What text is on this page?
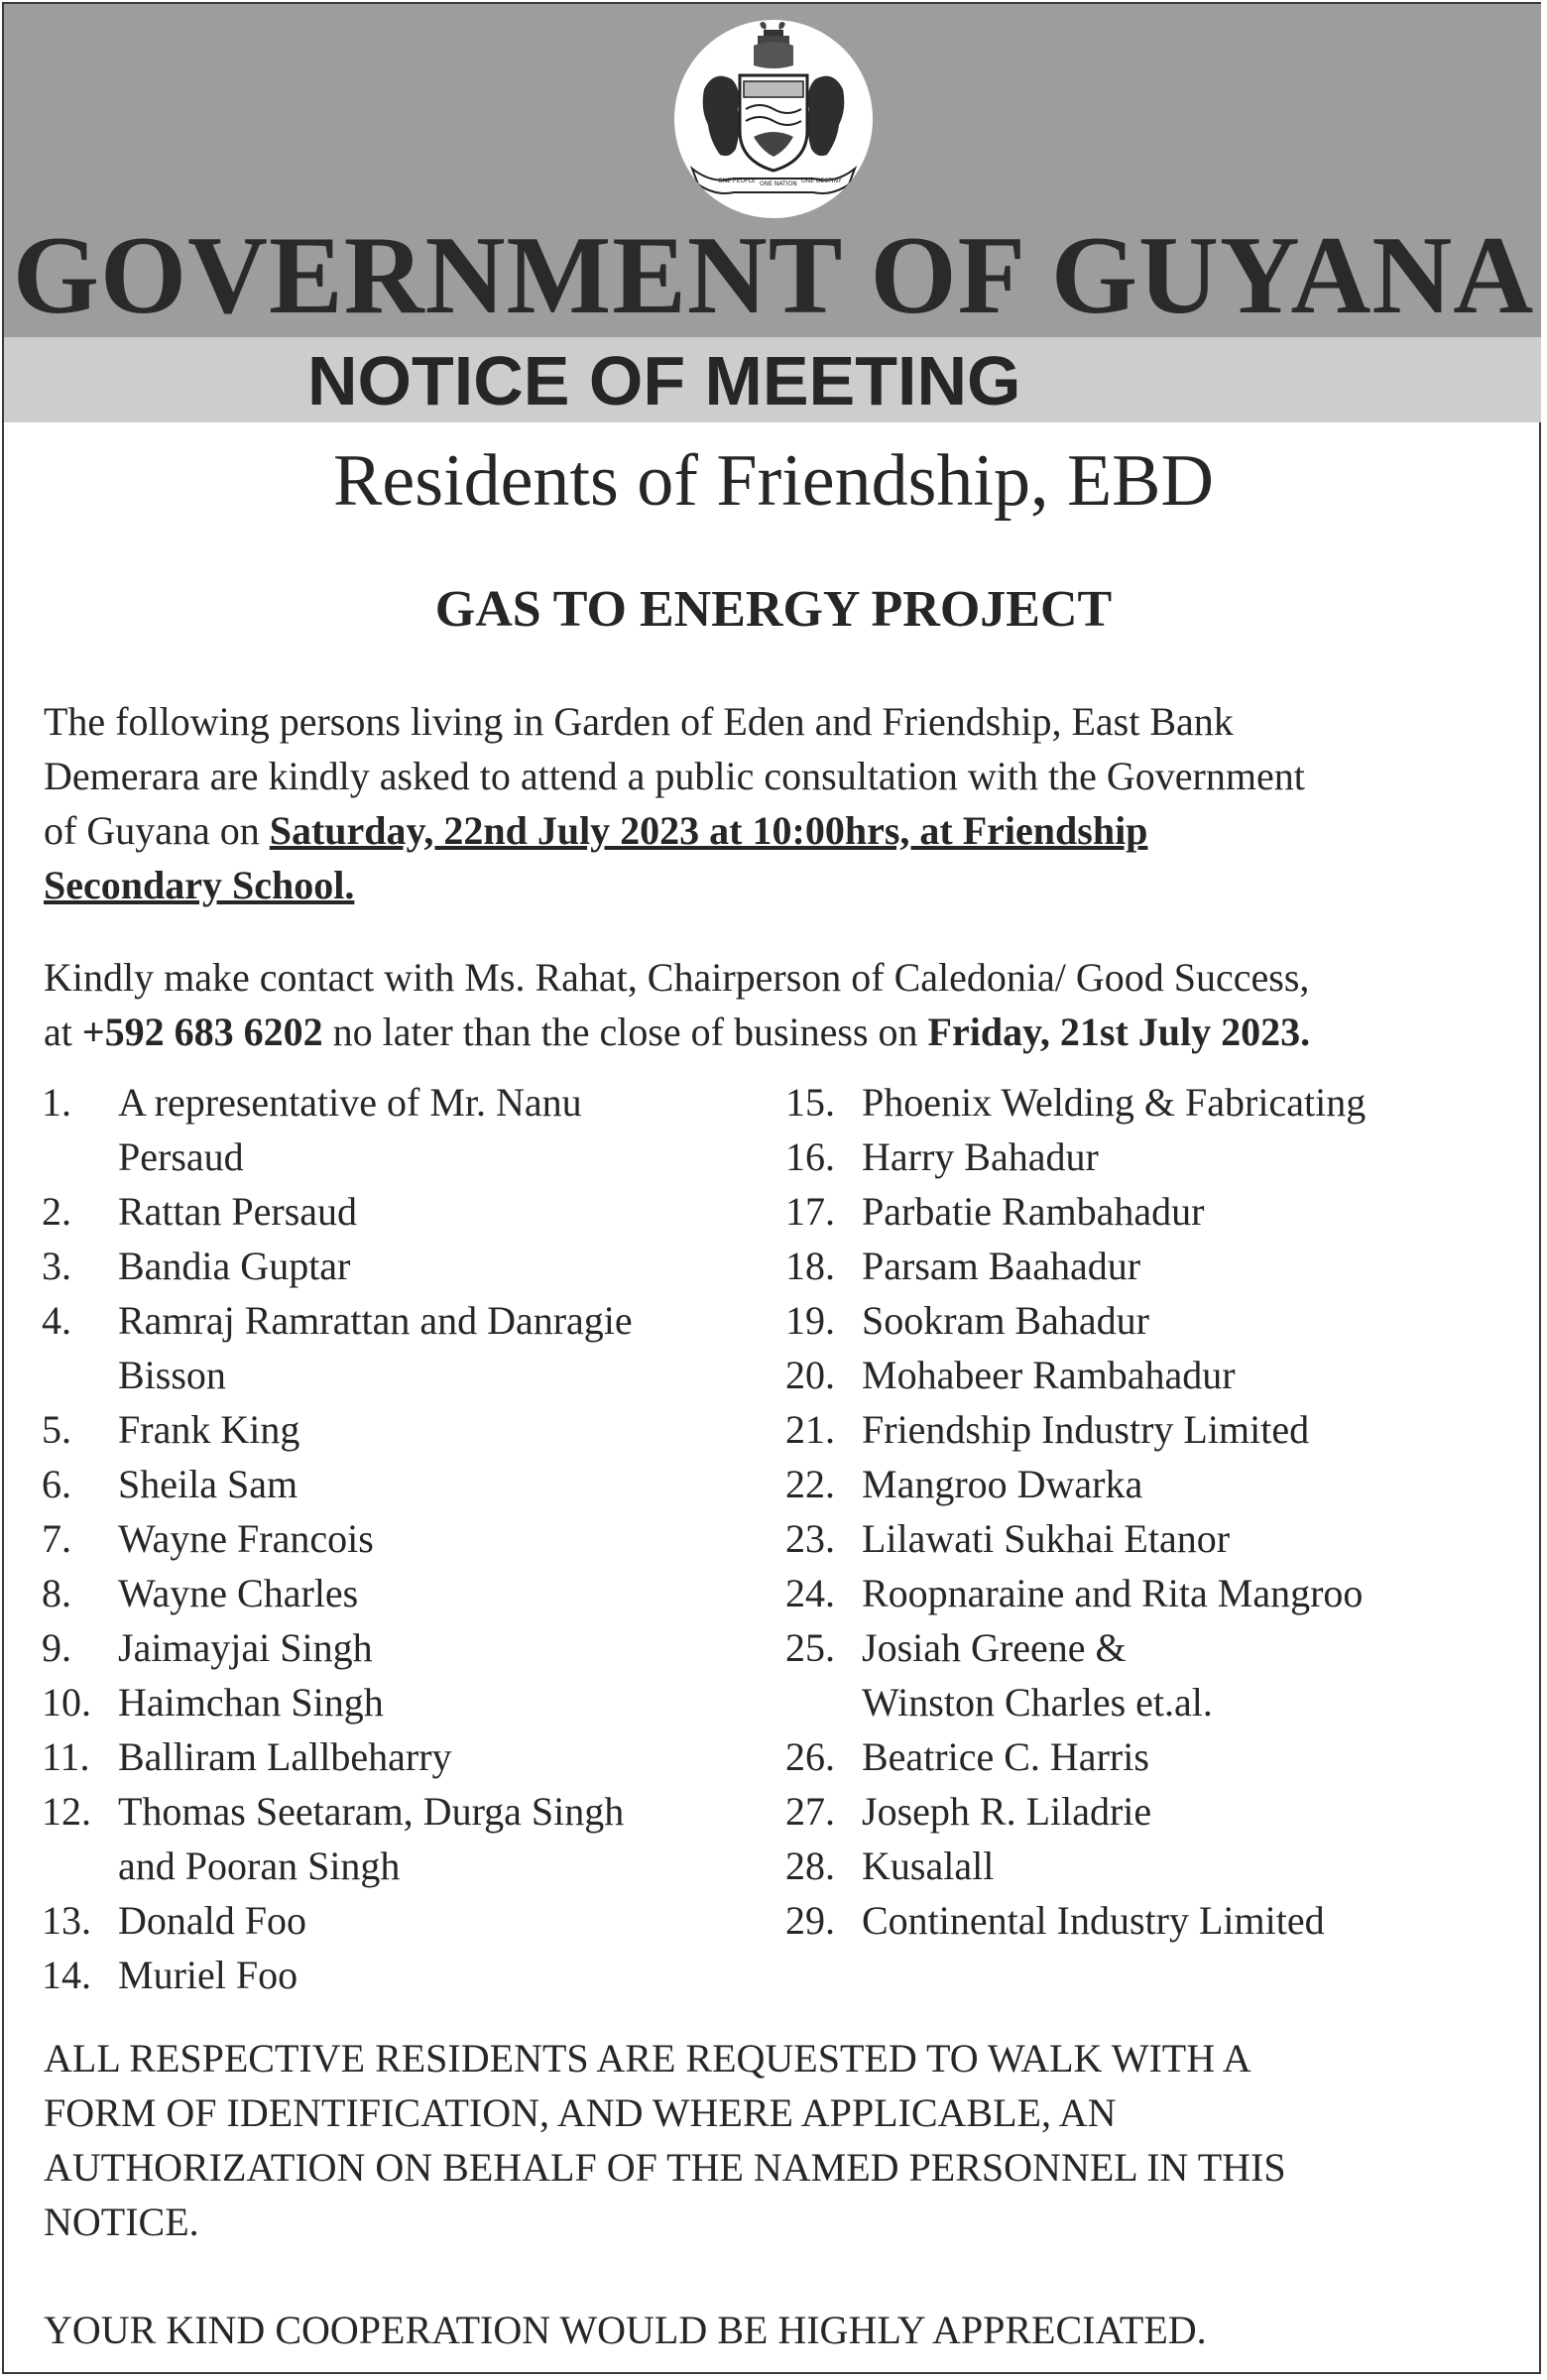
ONE PEOPLE ONE NATION ONE DESTINY
GOVERNMENT OF GUYANA
NOTICE OF MEETING
Residents of Friendship, EBD
GAS TO ENERGY PROJECT
The following persons living in Garden of Eden and Friendship, East Bank
Demerara are kindly asked to attend a public consultation with the Government
of Guyana on Saturday, 22nd July 2023 at 10:00hrs, at Friendship
Secondary School.
Kindly make contact with Ms. Rahat, Chairperson of Caledonia/ Good Success,
at +592 683 6202 no later than the close of business on Friday, 21st July 2023.
1.	A representative of Mr. Nanu
Persaud
2.	Rattan Persaud
3.	Bandia Guptar
4.	Ramraj Ramrattan and Danragie
Bisson
5.	Frank King
6.	Sheila Sam
7.	Wayne Francois
8.	Wayne Charles
9.	Jaimayjai Singh
10. Haimchan Singh
11. Balliram Lallbeharry
12. Thomas Seetaram, Durga Singh
and Pooran Singh
13. Donald Foo
14. Muriel Foo
15. Phoenix Welding & Fabricating
16. Harry Bahadur
17. Parbatie Rambahadur
18. Parsam Baahadur
19. Sookram Bahadur
20. Mohabeer Rambahadur
21. Friendship Industry Limited
22. Mangroo Dwarka
23. Lilawati Sukhai Etanor
24. Roopnaraine and Rita Mangroo
25. Josiah Greene &
Winston Charles et.al.
26. Beatrice C. Harris
27. Joseph R. Liladrie
28. Kusalall
29. Continental Industry Limited
ALL RESPECTIVE RESIDENTS ARE REQUESTED TO WALK WITH A
FORM OF IDENTIFICATION, AND WHERE APPLICABLE, AN
AUTHORIZATION ON BEHALF OF THE NAMED PERSONNEL IN THIS
NOTICE.
YOUR KIND COOPERATION WOULD BE HIGHLY APPRECIATED.
